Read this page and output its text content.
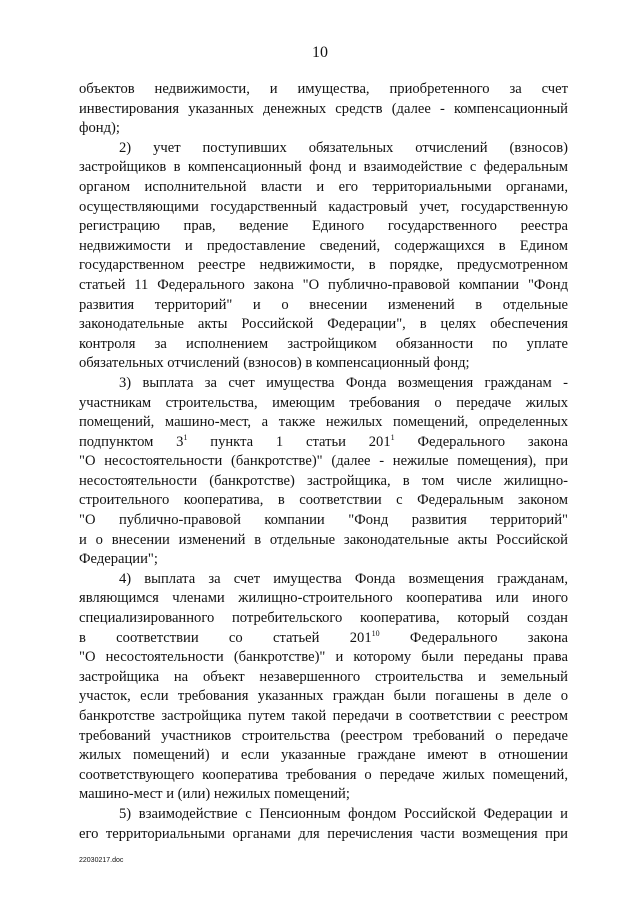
10
объектов недвижимости, и имущества, приобретенного за счет
инвестирования указанных денежных средств (далее - компенсационный
фонд);
2) учет поступивших обязательных отчислений (взносов)
застройщиков в компенсационный фонд и взаимодействие с федеральным
органом исполнительной власти и его территориальными органами,
осуществляющими государственный кадастровый учет, государственную
регистрацию прав, ведение Единого государственного реестра
недвижимости и предоставление сведений, содержащихся в Едином
государственном реестре недвижимости, в порядке, предусмотренном
статьей 11 Федерального закона "О публично-правовой компании "Фонд
развития территорий" и о внесении изменений в отдельные
законодательные акты Российской Федерации", в целях обеспечения
контроля за исполнением застройщиком обязанности по уплате
обязательных отчислений (взносов) в компенсационный фонд;
3) выплата за счет имущества Фонда возмещения гражданам -
участникам строительства, имеющим требования о передаче жилых
помещений, машино-мест, а также нежилых помещений, определенных
подпунктом $3^1$ пункта 1 статьи $201^1$ Федерального закона
"О несостоятельности (банкротстве)" (далее - нежилые помещения), при
несостоятельности (банкротстве) застройщика, в том числе жилищно-
строительного кооператива, в соответствии с Федеральным законом
"О публично-правовой компании "Фонд развития территорий"
и о внесении изменений в отдельные законодательные акты Российской
Федерации";
4) выплата за счет имущества Фонда возмещения гражданам,
являющимся членами жилищно-строительного кооператива или иного
специализированного потребительского кооператива, который создан
в соответствии со статьей $201^{10}$ Федерального закона
"О несостоятельности (банкротстве)" и которому были переданы права
застройщика на объект незавершенного строительства и земельный
участок, если требования указанных граждан были погашены в деле о
банкротстве застройщика путем такой передачи в соответствии с реестром
требований участников строительства (реестром требований о передаче
жилых помещений) и если указанные граждане имеют в отношении
соответствующего кооператива требования о передаче жилых помещений,
машино-мест и (или) нежилых помещений;
5) взаимодействие с Пенсионным фондом Российской Федерации и
его территориальными органами для перечисления части возмещения при
22030217.doc
